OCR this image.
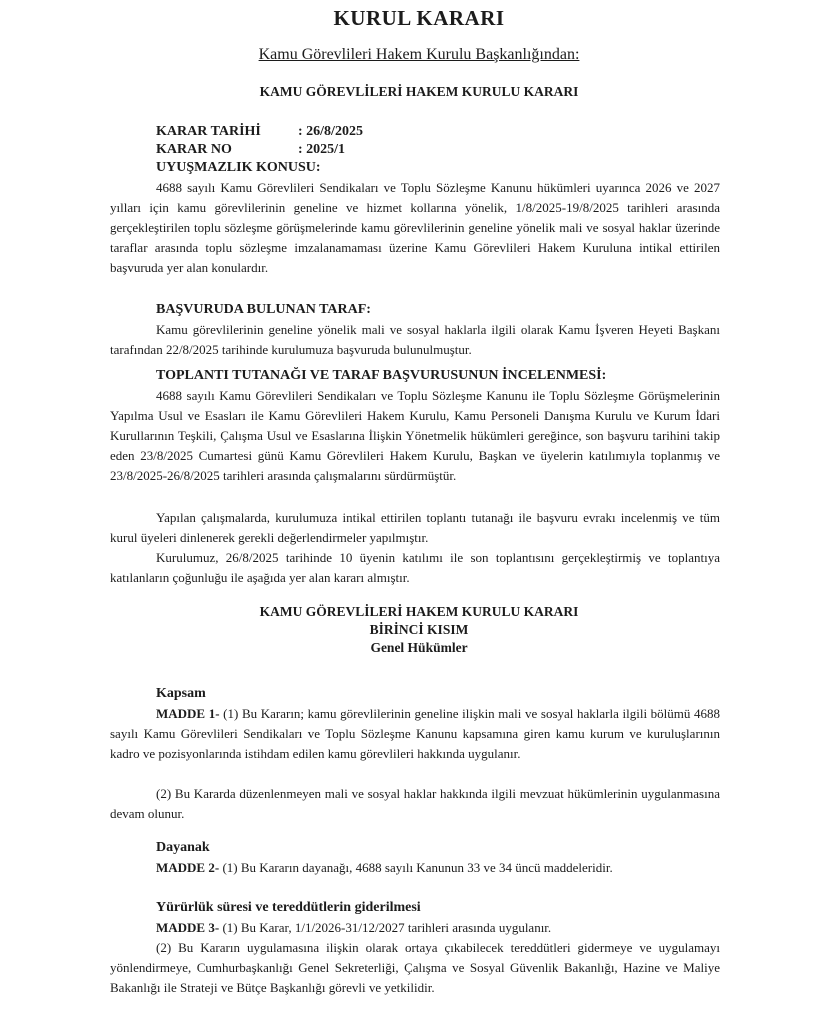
KURUL KARARI
Kamu Görevlileri Hakem Kurulu Başkanlığından:
KAMU GÖREVLİLERİ HAKEM KURULU KARARI
KARAR TARİHİ	: 26/8/2025
KARAR NO	: 2025/1
UYUŞMAZLIK KONUSU:

4688 sayılı Kamu Görevlileri Sendikaları ve Toplu Sözleşme Kanunu hükümleri uyarınca 2026 ve 2027 yılları için kamu görevlilerinin geneline ve hizmet kollarına yönelik, 1/8/2025-19/8/2025 tarihleri arasında gerçekleştirilen toplu sözleşme görüşmelerinde kamu görevlilerinin geneline yönelik mali ve sosyal haklar üzerinde taraflar arasında toplu sözleşme imzalanamaması üzerine Kamu Görevlileri Hakem Kuruluna intikal ettirilen başvuruda yer alan konulardır.

BAŞVURUDA BULUNAN TARAF:

Kamu görevlilerinin geneline yönelik mali ve sosyal haklarla ilgili olarak Kamu İşveren Heyeti Başkanı tarafından 22/8/2025 tarihinde kurulumuza başvuruda bulunulmuştur.

TOPLANTI TUTANAĞI VE TARAF BAŞVURUSUNUN İNCELENMESİ:

4688 sayılı Kamu Görevlileri Sendikaları ve Toplu Sözleşme Kanunu ile Toplu Sözleşme Görüşmelerinin Yapılma Usul ve Esasları ile Kamu Görevlileri Hakem Kurulu, Kamu Personeli Danışma Kurulu ve Kurum İdari Kurullarının Teşkili, Çalışma Usul ve Esaslarına İlişkin Yönetmelik hükümleri gereğince, son başvuru tarihini takip eden 23/8/2025 Cumartesi günü Kamu Görevlileri Hakem Kurulu, Başkan ve üyelerin katılımıyla toplanmış ve 23/8/2025-26/8/2025 tarihleri arasında çalışmalarını sürdürmüştür.

Yapılan çalışmalarda, kurulumuza intikal ettirilen toplantı tutanağı ile başvuru evrakı incelenmiş ve tüm kurul üyeleri dinlenerek gerekli değerlendirmeler yapılmıştır.

Kurulumuz, 26/8/2025 tarihinde 10 üyenin katılımı ile son toplantısını gerçekleştirmiş ve toplantıya katılanların çoğunluğu ile aşağıda yer alan kararı almıştır.

KAMU GÖREVLİLERİ HAKEM KURULU KARARI
BİRİNCİ KISIM
Genel Hükümler
Kapsam

MADDE 1- (1) Bu Kararın; kamu görevlilerinin geneline ilişkin mali ve sosyal haklarla ilgili bölümü 4688 sayılı Kamu Görevlileri Sendikaları ve Toplu Sözleşme Kanunu kapsamına giren kamu kurum ve kuruluşlarının kadro ve pozisyonlarında istihdam edilen kamu görevlileri hakkında uygulanır.

(2) Bu Kararda düzenlenmeyen mali ve sosyal haklar hakkında ilgili mevzuat hükümlerinin uygulanmasına devam olunur.

Dayanak

MADDE 2- (1) Bu Kararın dayanağı, 4688 sayılı Kanunun 33 ve 34 üncü maddeleridir.

Yürürlük süresi ve tereddütlerin giderilmesi

MADDE 3- (1) Bu Karar, 1/1/2026-31/12/2027 tarihleri arasında uygulanır.

(2) Bu Kararın uygulamasına ilişkin olarak ortaya çıkabilecek tereddütleri gidermeye ve uygulamayı yönlendirmeye, Cumhurbaşkanlığı Genel Sekreterliği, Çalışma ve Sosyal Güvenlik Bakanlığı, Hazine ve Maliye Bakanlığı ile Strateji ve Bütçe Başkanlığı görevli ve yetkilidir.
